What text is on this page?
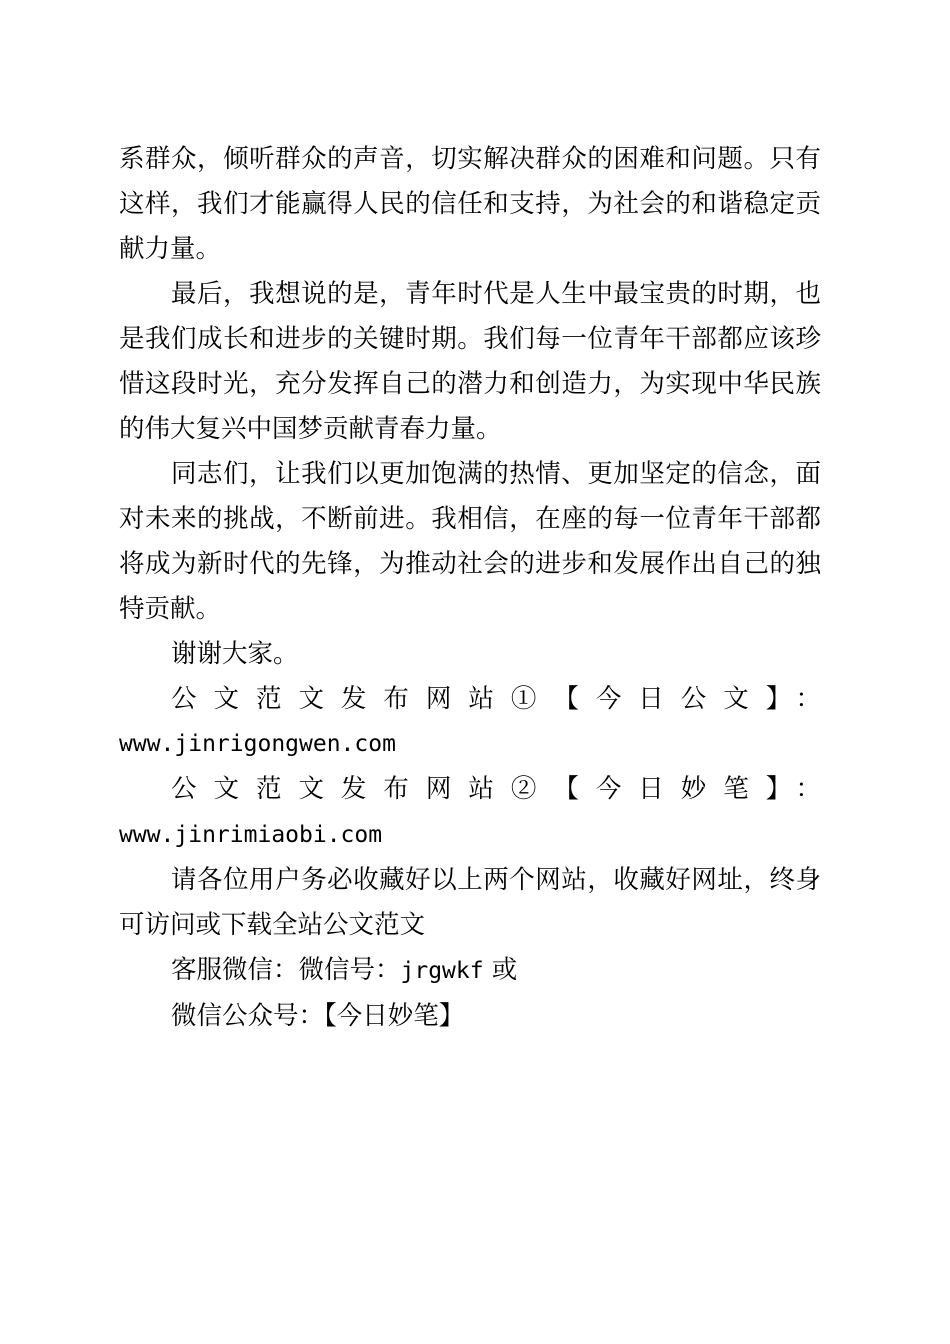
系群众，倾听群众的声音，切实解决群众的困难和问题。只有这样，我们才能赢得人民的信任和支持，为社会的和谐稳定贡献力量。

最后，我想说的是，青年时代是人生中最宝贵的时期，也是我们成长和进步的关键时期。我们每一位青年干部都应该珍惜这段时光，充分发挥自己的潜力和创造力，为实现中华民族的伟大复兴中国梦贡献青春力量。

同志们，让我们以更加饱满的热情、更加坚定的信念，面对未来的挑战，不断前进。我相信，在座的每一位青年干部都将成为新时代的先锋，为推动社会的进步和发展作出自己的独特贡献。

谢谢大家。

公文范文发布网站①【今日公文】：

www.jinrigongwen.com

公文范文发布网站②【今日妙笔】：www.jinrimiaobi.com

请各位用户务必收藏好以上两个网站，收藏好网址，终身可访问或下载全站公文范文

客服微信：微信号：jrgwkf 或

微信公众号：【今日妙笔】
